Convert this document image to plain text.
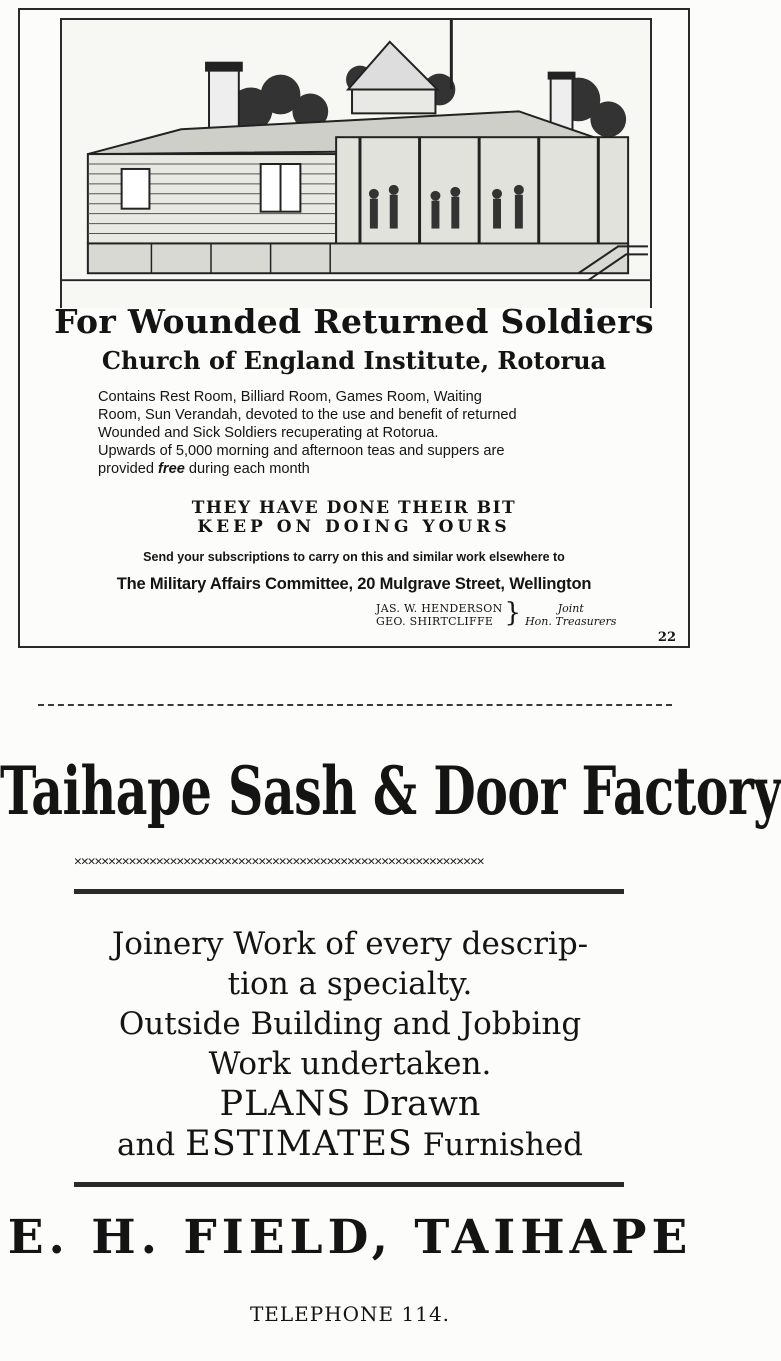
For Wounded Returned Soldiers
Church of England Institute, Rotorua

Contains Rest Room, Billiard Room, Games Room, Waiting

Room, Sun Verandah, devoted to the use and benefit of returned

Wounded and Sick Soldiers recuperating at Rotorua.

Upwards of 5,000 morning and afternoon teas and suppers are

provided free during each month

THEY HAVE DONE THEIR BIT
KEEP ON DOING YOURS
Send your subscriptions to carry on this and similar work elsewhere to
The Military Affairs Committee, 20 Mulgrave Street, Wellington
JAS. W. HENDERSON
GEO. SHIRTCLIFFE }	Joint
Hon. Treasurers
22
Taihape Sash & Door Factory
✕✕✕✕✕✕✕✕✕✕✕✕✕✕✕✕✕✕✕✕✕✕✕✕✕✕✕✕✕✕✕✕✕✕✕✕✕✕✕✕✕✕✕✕✕✕✕✕✕✕✕✕✕✕✕✕✕✕✕✕
Joinery Work of every descrip-
tion a specialty.
Outside Building and Jobbing
Work undertaken.
PLANS Drawn
and ESTIMATES Furnished
E. H. FIELD, TAIHAPE
TELEPHONE 114.
